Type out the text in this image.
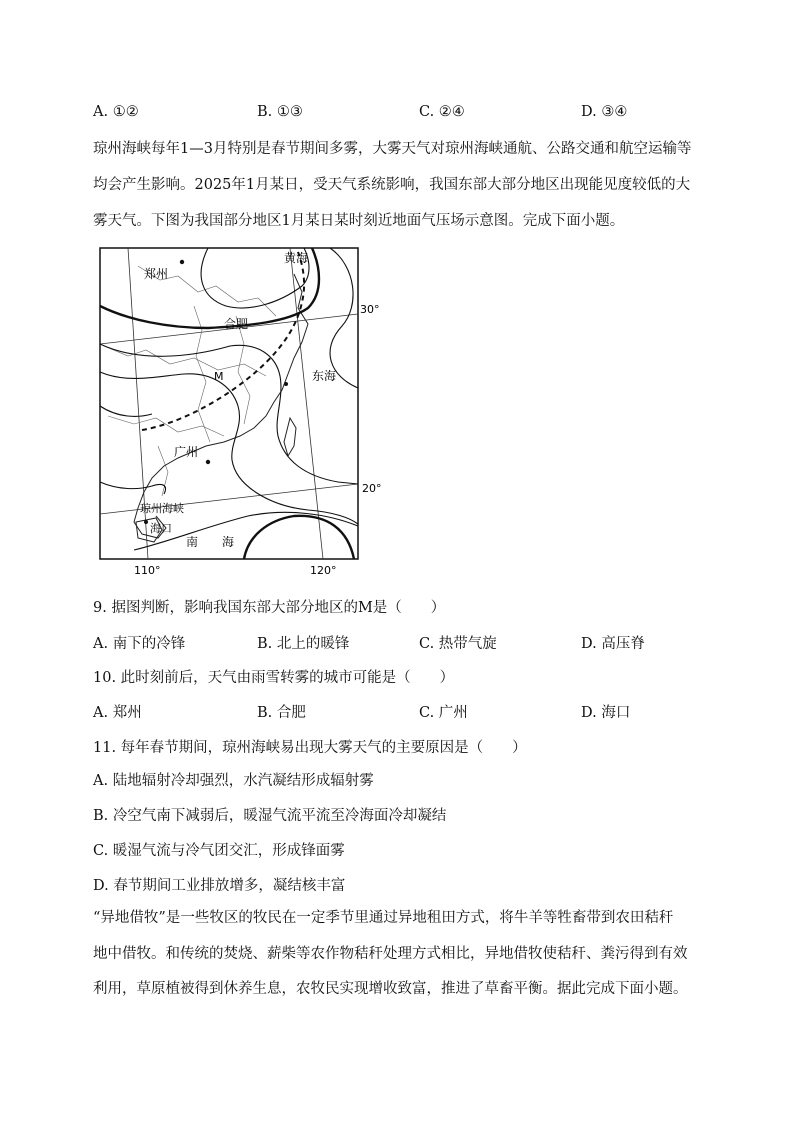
A. ①②	B. ①③	C. ②④	D. ③④
琼州海峡每年1—3月特别是春节期间多雾，大雾天气对琼州海峡通航、公路交通和航空运输等
均会产生影响。2025年1月某日，受天气系统影响，我国东部大部分地区出现能见度较低的大
雾天气。下图为我国部分地区1月某日某时刻近地面气压场示意图。完成下面小题。
郑州
黄海
合肥
东海
M
广州
琼州海峡
海口
南 海
30°
20°
110°	120°
9. 据图判断，影响我国东部大部分地区的M是（　　）
A. 南下的冷锋	B. 北上的暖锋	C. 热带气旋	D. 高压脊
10. 此时刻前后，天气由雨雪转雾的城市可能是（　　）
A. 郑州	B. 合肥	C. 广州	D. 海口
11. 每年春节期间，琼州海峡易出现大雾天气的主要原因是（　　）
A. 陆地辐射冷却强烈，水汽凝结形成辐射雾
B. 冷空气南下减弱后，暖湿气流平流至冷海面冷却凝结
C. 暖湿气流与冷气团交汇，形成锋面雾
D. 春节期间工业排放增多，凝结核丰富
“异地借牧”是一些牧区的牧民在一定季节里通过异地租田方式，将牛羊等牲畜带到农田秸秆
地中借牧。和传统的焚烧、薪柴等农作物秸秆处理方式相比，异地借牧使秸秆、粪污得到有效
利用，草原植被得到休养生息，农牧民实现增收致富，推进了草畜平衡。据此完成下面小题。
